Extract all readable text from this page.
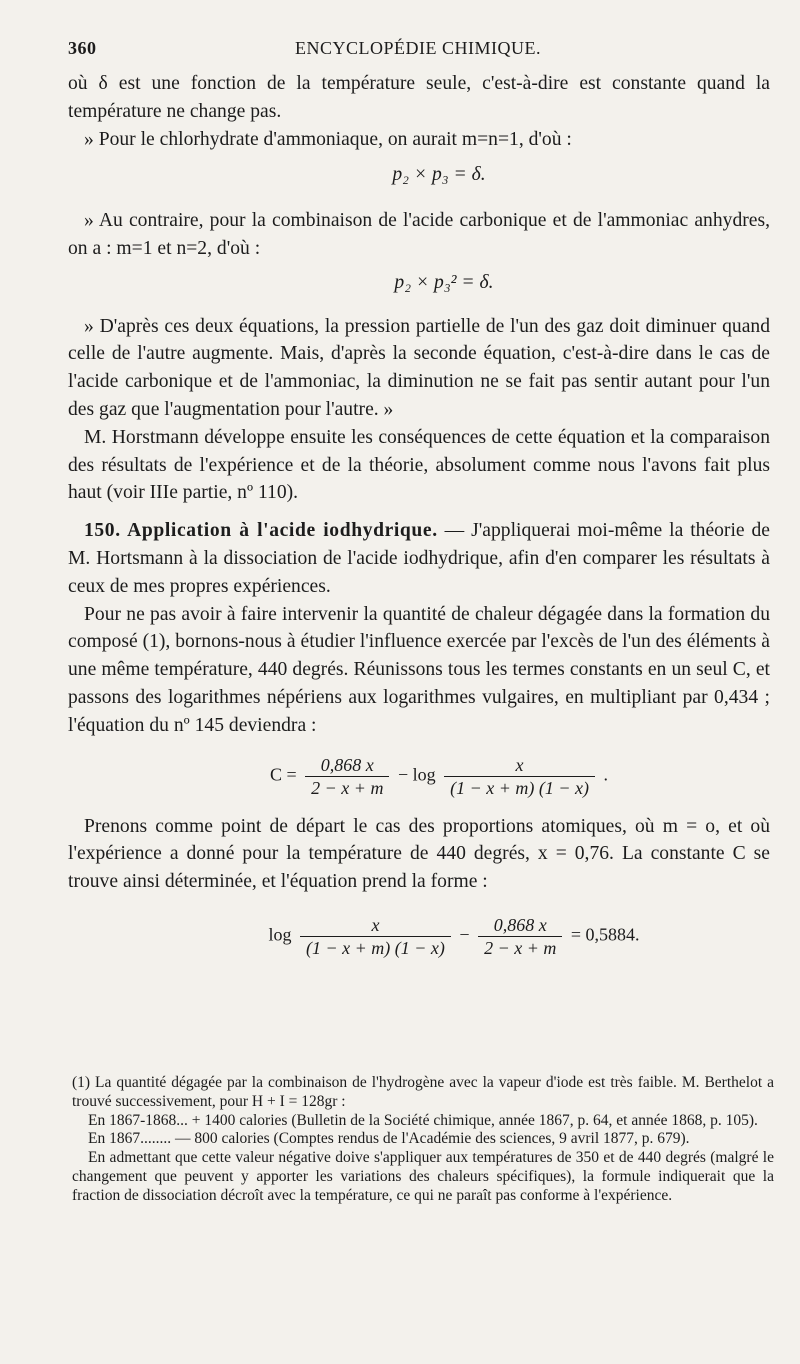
360	ENCYCLOPÉDIE CHIMIQUE.

où δ est une fonction de la température seule, c'est-à-dire est constante quand la température ne change pas.

» Pour le chlorhydrate d'ammoniaque, on aurait m=n=1, d'où :

p₂ × p₃ = δ.

» Au contraire, pour la combinaison de l'acide carbonique et de l'ammoniac anhydres, on a : m=1 et n=2, d'où :

p₂ × p₃² = δ.

» D'après ces deux équations, la pression partielle de l'un des gaz doit diminuer quand celle de l'autre augmente. Mais, d'après la seconde équation, c'est-à-dire dans le cas de l'acide carbonique et de l'ammoniac, la diminution ne se fait pas sentir autant pour l'un des gaz que l'augmentation pour l'autre. »

M. Horstmann développe ensuite les conséquences de cette équation et la comparaison des résultats de l'expérience et de la théorie, absolument comme nous l'avons fait plus haut (voir IIIe partie, nº 110).

150. Application à l'acide iodhydrique. — J'appliquerai moi-même la théorie de M. Hortsmann à la dissociation de l'acide iodhydrique, afin d'en comparer les résultats à ceux de mes propres expériences.

Pour ne pas avoir à faire intervenir la quantité de chaleur dégagée dans la formation du composé (1), bornons-nous à étudier l'influence exercée par l'excès de l'un des éléments à une même température, 440 degrés. Réunissons tous les termes constants en un seul C, et passons des logarithmes népériens aux logarithmes vulgaires, en multipliant par 0,434 ; l'équation du nº 145 deviendra :

$C = \frac{0,868 x}{2 - x + m} - \log \frac{x}{(1 - x + m) (1 - x)}$ .

Prenons comme point de départ le cas des proportions atomiques, où m = o, et où l'expérience a donné pour la température de 440 degrés, x = 0,76. La constante C se trouve ainsi déterminée, et l'équation prend la forme :

$\log \frac{x}{(1 - x + m) (1 - x)} - \frac{0,868 x}{2 - x + m} = 0,5884$.

(1) La quantité dégagée par la combinaison de l'hydrogène avec la vapeur d'iode est très faible. M. Berthelot a trouvé successivement, pour H + I = 128gr :

En 1867-1868... + 1400 calories (Bulletin de la Société chimique, année 1867, p. 64, et année 1868, p. 105).

En 1867........ — 800 calories (Comptes rendus de l'Académie des sciences, 9 avril 1877, p. 679).

En admettant que cette valeur négative doive s'appliquer aux températures de 350 et de 440 degrés (malgré le changement que peuvent y apporter les variations des chaleurs spécifiques), la formule indiquerait que la fraction de dissociation décroît avec la température, ce qui ne paraît pas conforme à l'expérience.
